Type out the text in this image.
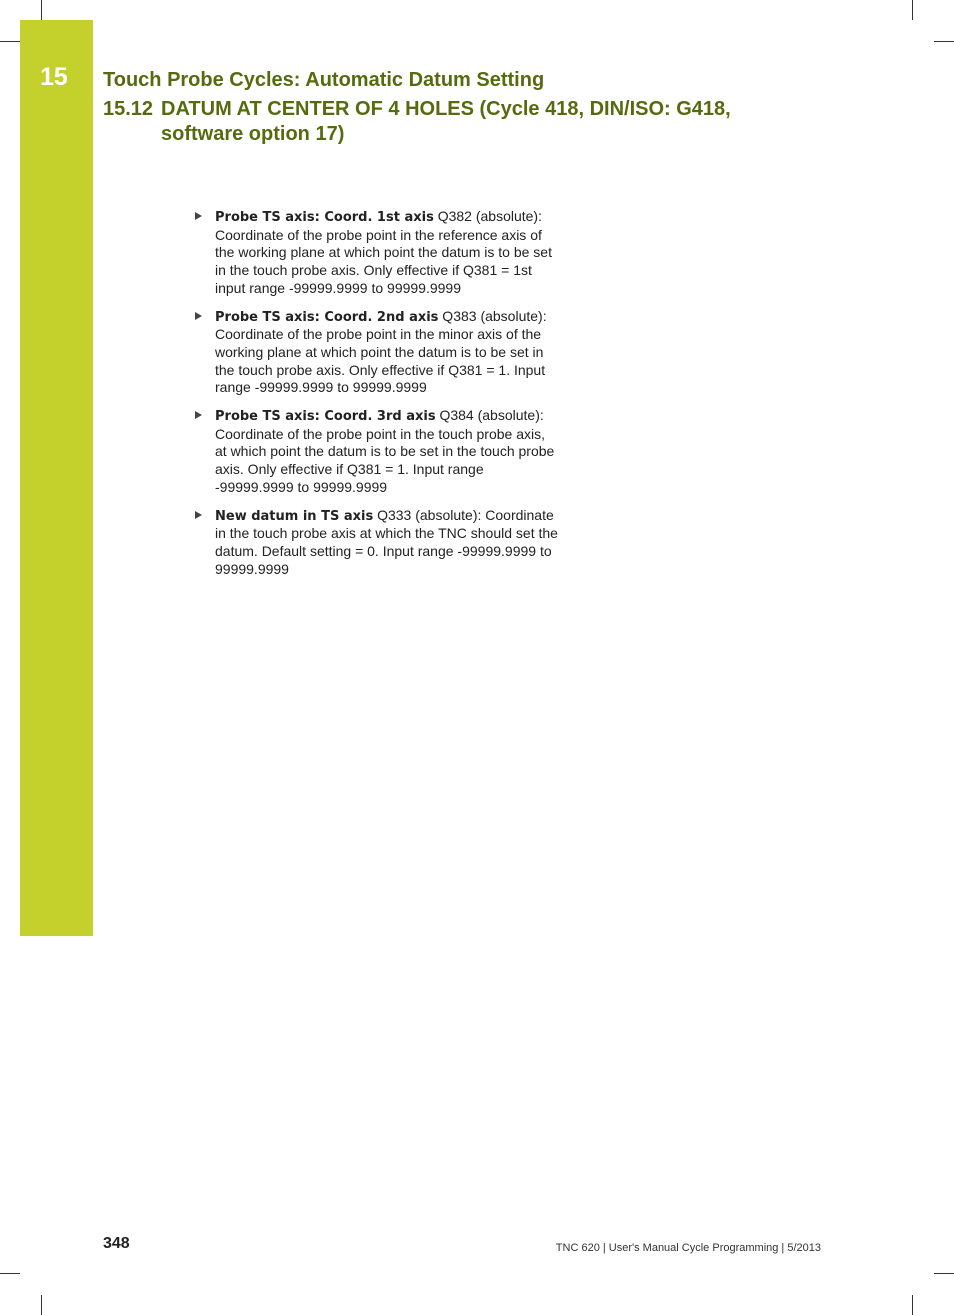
15	Touch Probe Cycles: Automatic Datum Setting
15.12 DATUM AT CENTER OF 4 HOLES (Cycle 418, DIN/ISO: G418,
software option 17)
Probe TS axis: Coord. 1st axis Q382 (absolute): Coordinate of the probe point in the reference axis of the working plane at which point the datum is to be set in the touch probe axis. Only effective if Q381 = 1st input range -99999.9999 to 99999.9999
Probe TS axis: Coord. 2nd axis Q383 (absolute): Coordinate of the probe point in the minor axis of the working plane at which point the datum is to be set in the touch probe axis. Only effective if Q381 = 1. Input range -99999.9999 to 99999.9999
Probe TS axis: Coord. 3rd axis Q384 (absolute): Coordinate of the probe point in the touch probe axis, at which point the datum is to be set in the touch probe axis. Only effective if Q381 = 1. Input range -99999.9999 to 99999.9999
New datum in TS axis Q333 (absolute): Coordinate in the touch probe axis at which the TNC should set the datum. Default setting = 0. Input range -99999.9999 to 99999.9999
348	TNC 620 | User's Manual Cycle Programming | 5/2013
